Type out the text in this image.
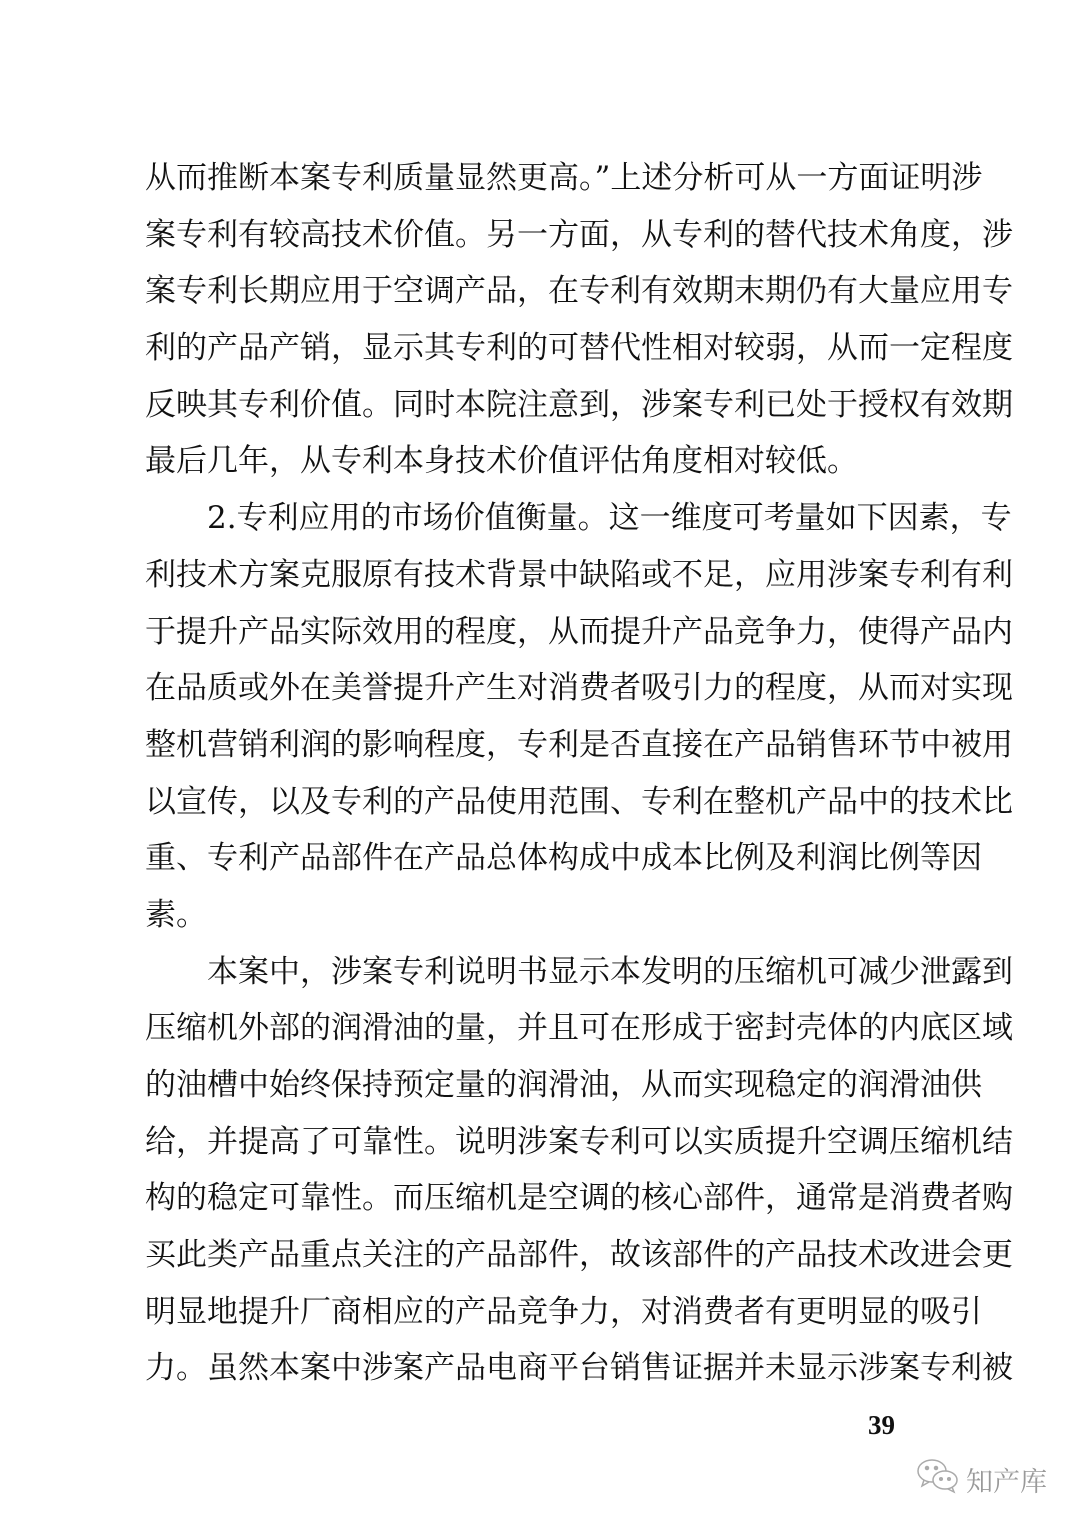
从而推断本案专利质量显然更高。”上述分析可从一方面证明涉
案专利有较高技术价值。另一方面，从专利的替代技术角度，涉
案专利长期应用于空调产品，在专利有效期末期仍有大量应用专
利的产品产销，显示其专利的可替代性相对较弱，从而一定程度
反映其专利价值。同时本院注意到，涉案专利已处于授权有效期
最后几年，从专利本身技术价值评估角度相对较低。
2.专利应用的市场价值衡量。这一维度可考量如下因素，专
利技术方案克服原有技术背景中缺陷或不足，应用涉案专利有利
于提升产品实际效用的程度，从而提升产品竞争力，使得产品内
在品质或外在美誉提升产生对消费者吸引力的程度，从而对实现
整机营销利润的影响程度，专利是否直接在产品销售环节中被用
以宣传，以及专利的产品使用范围、专利在整机产品中的技术比
重、专利产品部件在产品总体构成中成本比例及利润比例等因
素。
本案中，涉案专利说明书显示本发明的压缩机可减少泄露到
压缩机外部的润滑油的量，并且可在形成于密封壳体的内底区域
的油槽中始终保持预定量的润滑油，从而实现稳定的润滑油供
给，并提高了可靠性。说明涉案专利可以实质提升空调压缩机结
构的稳定可靠性。而压缩机是空调的核心部件，通常是消费者购
买此类产品重点关注的产品部件，故该部件的产品技术改进会更
明显地提升厂商相应的产品竞争力，对消费者有更明显的吸引
力。虽然本案中涉案产品电商平台销售证据并未显示涉案专利被
39
知产库
